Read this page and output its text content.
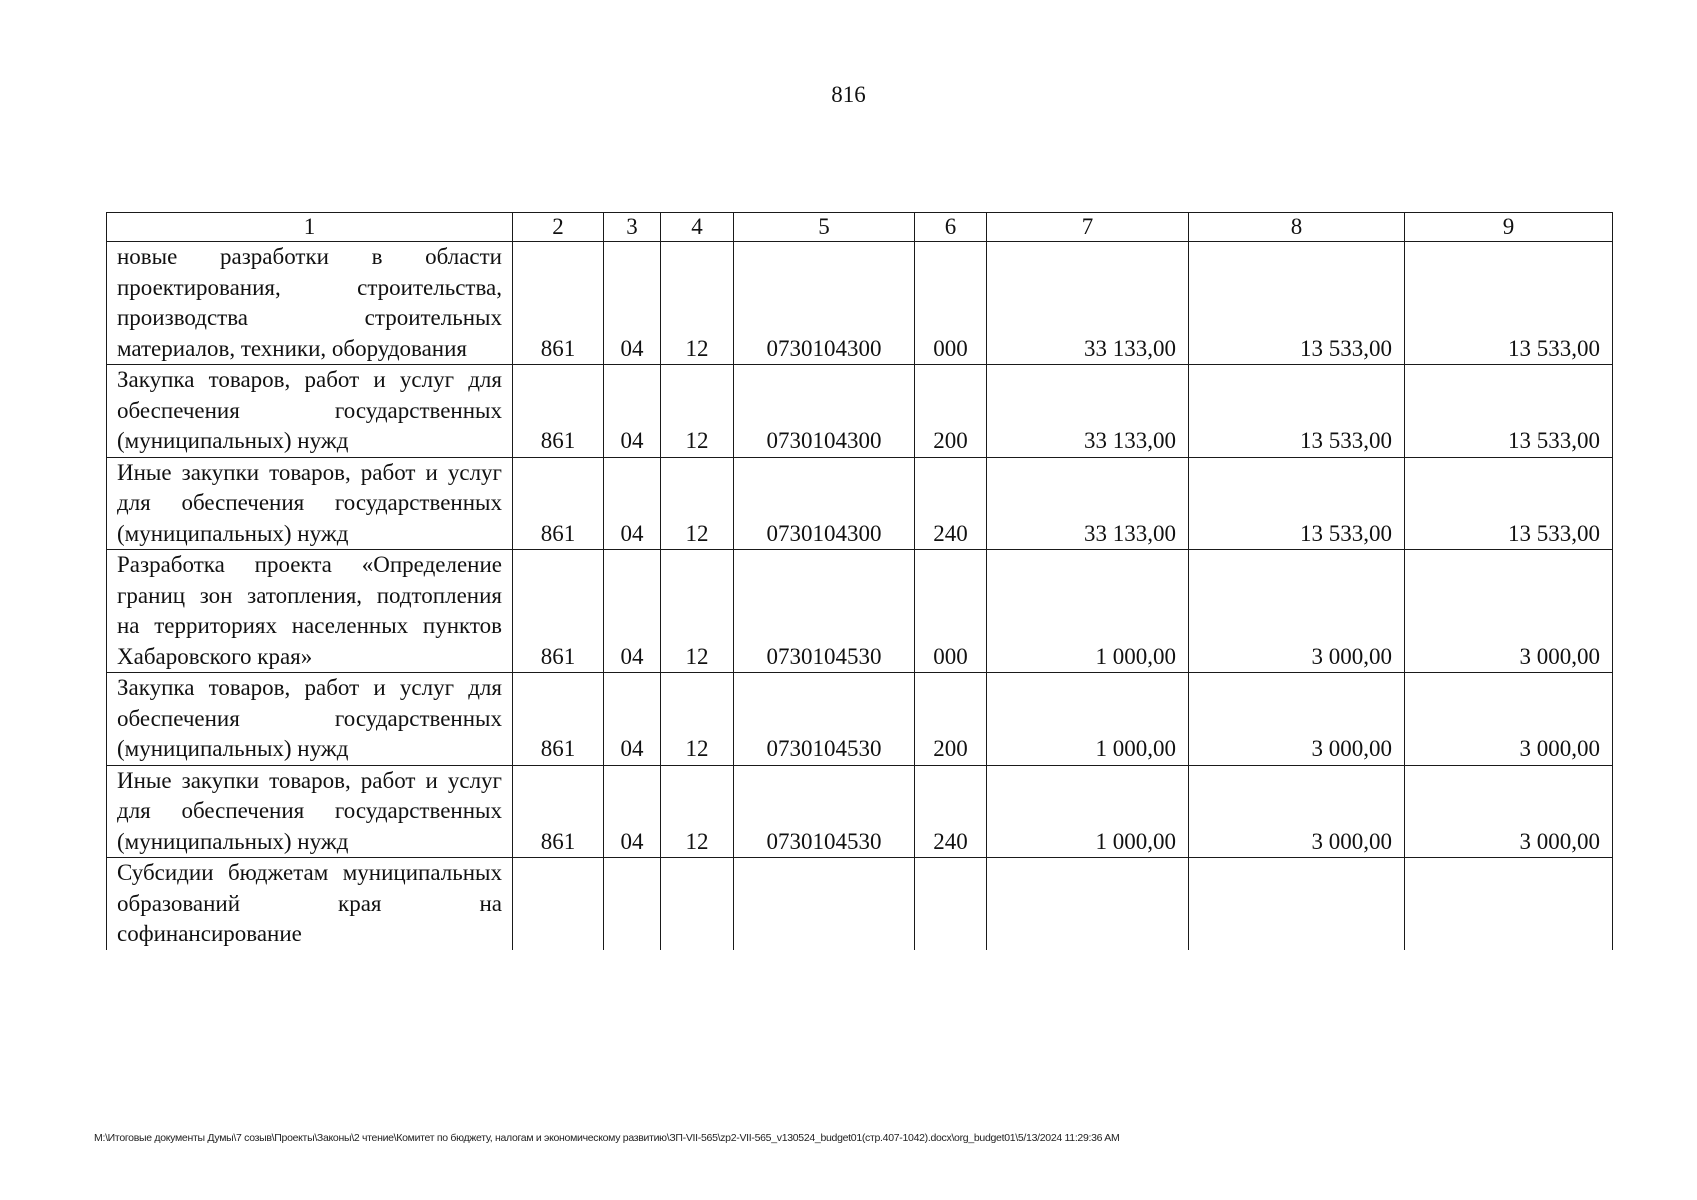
816
1	2	3	4	5	6	7	8	9
новые разработки в области проектирования, строительства, производства строительных материалов, техники, оборудования	861	04	12	0730104300	000	33 133,00	13 533,00	13 533,00
Закупка товаров, работ и услуг для обеспечения государственных (муниципальных) нужд	861	04	12	0730104300	200	33 133,00	13 533,00	13 533,00
Иные закупки товаров, работ и услуг для обеспечения государственных (муниципальных) нужд	861	04	12	0730104300	240	33 133,00	13 533,00	13 533,00
Разработка проекта «Определение границ зон затопления, подтопления на территориях населенных пунктов Хабаровского края»	861	04	12	0730104530	000	1 000,00	3 000,00	3 000,00
Закупка товаров, работ и услуг для обеспечения государственных (муниципальных) нужд	861	04	12	0730104530	200	1 000,00	3 000,00	3 000,00
Иные закупки товаров, работ и услуг для обеспечения государственных (муниципальных) нужд	861	04	12	0730104530	240	1 000,00	3 000,00	3 000,00
Субсидии бюджетам муниципальных образований края на софинансирование								
M:\Итоговые документы Думы\7 созыв\Проекты\Законы\2 чтение\Комитет по бюджету, налогам и экономическому развитию\ЗП-VII-565\zp2-VII-565_v130524_budget01(стр.407-1042).docx\org_budget01\5/13/2024 11:29:36 AM
